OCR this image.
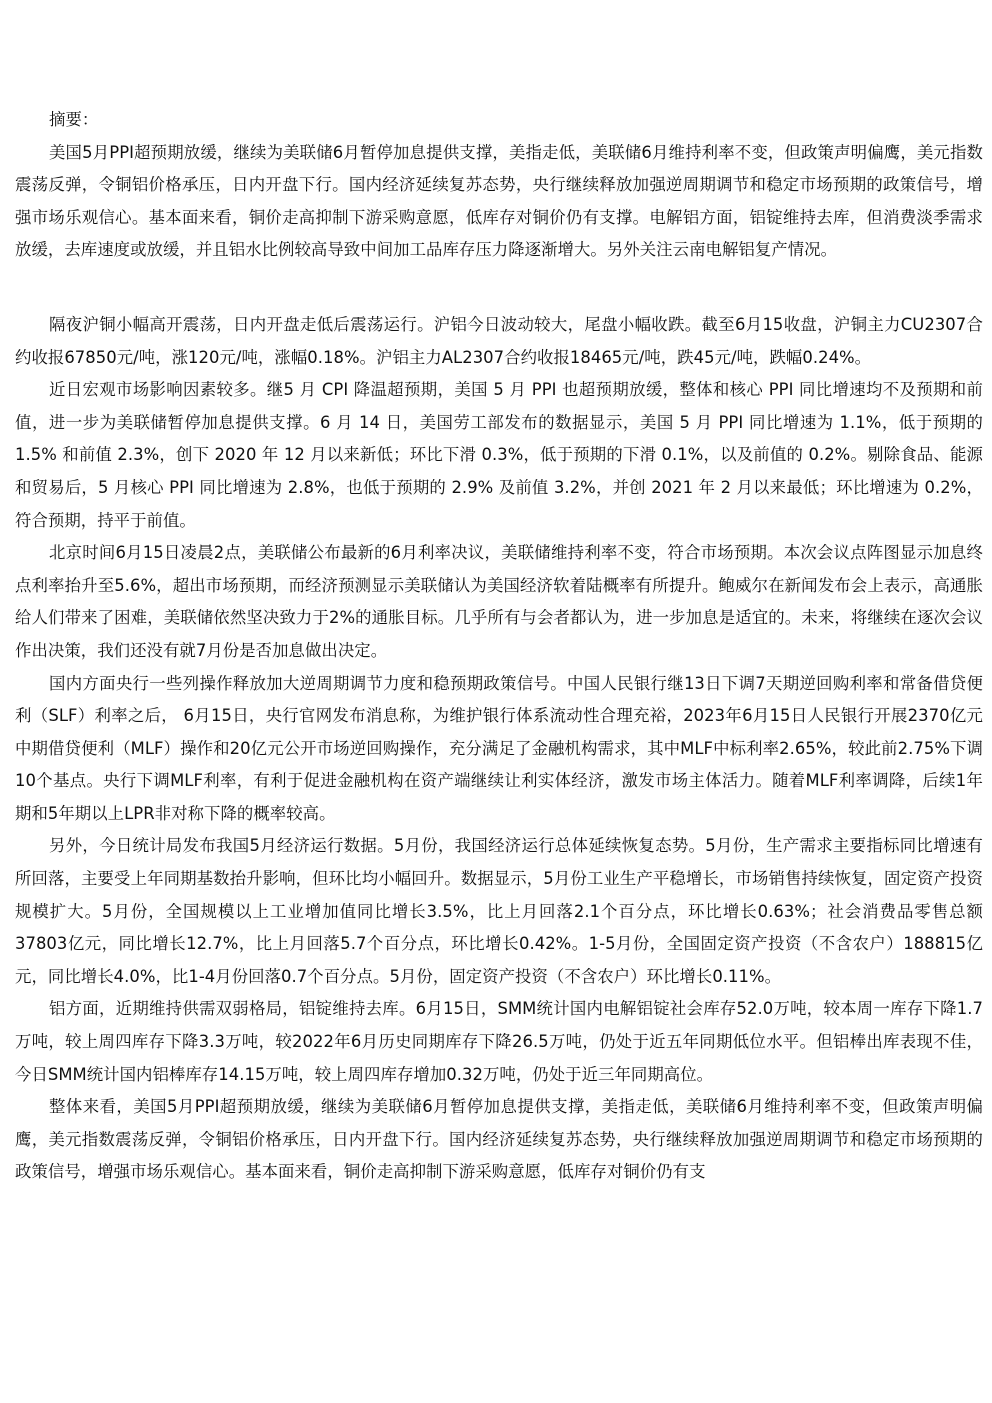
摘要：

美国5月PPI超预期放缓，继续为美联储6月暂停加息提供支撑，美指走低，美联储6月维持利率不变，但政策声明偏鹰，美元指数震荡反弹，令铜铝价格承压，日内开盘下行。国内经济延续复苏态势，央行继续释放加强逆周期调节和稳定市场预期的政策信号，增强市场乐观信心。基本面来看，铜价走高抑制下游采购意愿，低库存对铜价仍有支撑。电解铝方面，铝锭维持去库，但消费淡季需求放缓，去库速度或放缓，并且铝水比例较高导致中间加工品库存压力降逐渐增大。另外关注云南电解铝复产情况。

隔夜沪铜小幅高开震荡，日内开盘走低后震荡运行。沪铝今日波动较大，尾盘小幅收跌。截至6月15收盘，沪铜主力CU2307合约收报67850元/吨，涨120元/吨，涨幅0.18%。沪铝主力AL2307合约收报18465元/吨，跌45元/吨，跌幅0.24%。

近日宏观市场影响因素较多。继5 月 CPI 降温超预期，美国 5 月 PPI 也超预期放缓，整体和核心 PPI 同比增速均不及预期和前值，进一步为美联储暂停加息提供支撑。6 月 14 日，美国劳工部发布的数据显示，美国 5 月 PPI 同比增速为 1.1%，低于预期的 1.5% 和前值 2.3%，创下 2020 年 12 月以来新低；环比下滑 0.3%，低于预期的下滑 0.1%，以及前值的 0.2%。剔除食品、能源和贸易后，5 月核心 PPI 同比增速为 2.8%，也低于预期的 2.9% 及前值 3.2%，并创 2021 年 2 月以来最低；环比增速为 0.2%，符合预期，持平于前值。

北京时间6月15日凌晨2点，美联储公布最新的6月利率决议，美联储维持利率不变，符合市场预期。本次会议点阵图显示加息终点利率抬升至5.6%，超出市场预期，而经济预测显示美联储认为美国经济软着陆概率有所提升。鲍威尔在新闻发布会上表示，高通胀给人们带来了困难，美联储依然坚决致力于2%的通胀目标。几乎所有与会者都认为，进一步加息是适宜的。未来，将继续在逐次会议作出决策，我们还没有就7月份是否加息做出决定。

国内方面央行一些列操作释放加大逆周期调节力度和稳预期政策信号。中国人民银行继13日下调7天期逆回购利率和常备借贷便利（SLF）利率之后， 6月15日，央行官网发布消息称，为维护银行体系流动性合理充裕，2023年6月15日人民银行开展2370亿元中期借贷便利（MLF）操作和20亿元公开市场逆回购操作，充分满足了金融机构需求，其中MLF中标利率2.65%，较此前2.75%下调10个基点。央行下调MLF利率，有利于促进金融机构在资产端继续让利实体经济，激发市场主体活力。随着MLF利率调降，后续1年期和5年期以上LPR非对称下降的概率较高。

另外，今日统计局发布我国5月经济运行数据。5月份，我国经济运行总体延续恢复态势。5月份，生产需求主要指标同比增速有所回落，主要受上年同期基数抬升影响，但环比均小幅回升。数据显示，5月份工业生产平稳增长，市场销售持续恢复，固定资产投资规模扩大。5月份，全国规模以上工业增加值同比增长3.5%，比上月回落2.1个百分点，环比增长0.63%；社会消费品零售总额37803亿元，同比增长12.7%，比上月回落5.7个百分点，环比增长0.42%。1-5月份，全国固定资产投资（不含农户）188815亿元，同比增长4.0%，比1-4月份回落0.7个百分点。5月份，固定资产投资（不含农户）环比增长0.11%。

铝方面，近期维持供需双弱格局，铝锭维持去库。6月15日，SMM统计国内电解铝锭社会库存52.0万吨，较本周一库存下降1.7万吨，较上周四库存下降3.3万吨，较2022年6月历史同期库存下降26.5万吨，仍处于近五年同期低位水平。但铝棒出库表现不佳，今日SMM统计国内铝棒库存14.15万吨，较上周四库存增加0.32万吨，仍处于近三年同期高位。

整体来看，美国5月PPI超预期放缓，继续为美联储6月暂停加息提供支撑，美指走低，美联储6月维持利率不变，但政策声明偏鹰，美元指数震荡反弹，令铜铝价格承压，日内开盘下行。国内经济延续复苏态势，央行继续释放加强逆周期调节和稳定市场预期的政策信号，增强市场乐观信心。基本面来看，铜价走高抑制下游采购意愿，低库存对铜价仍有支
